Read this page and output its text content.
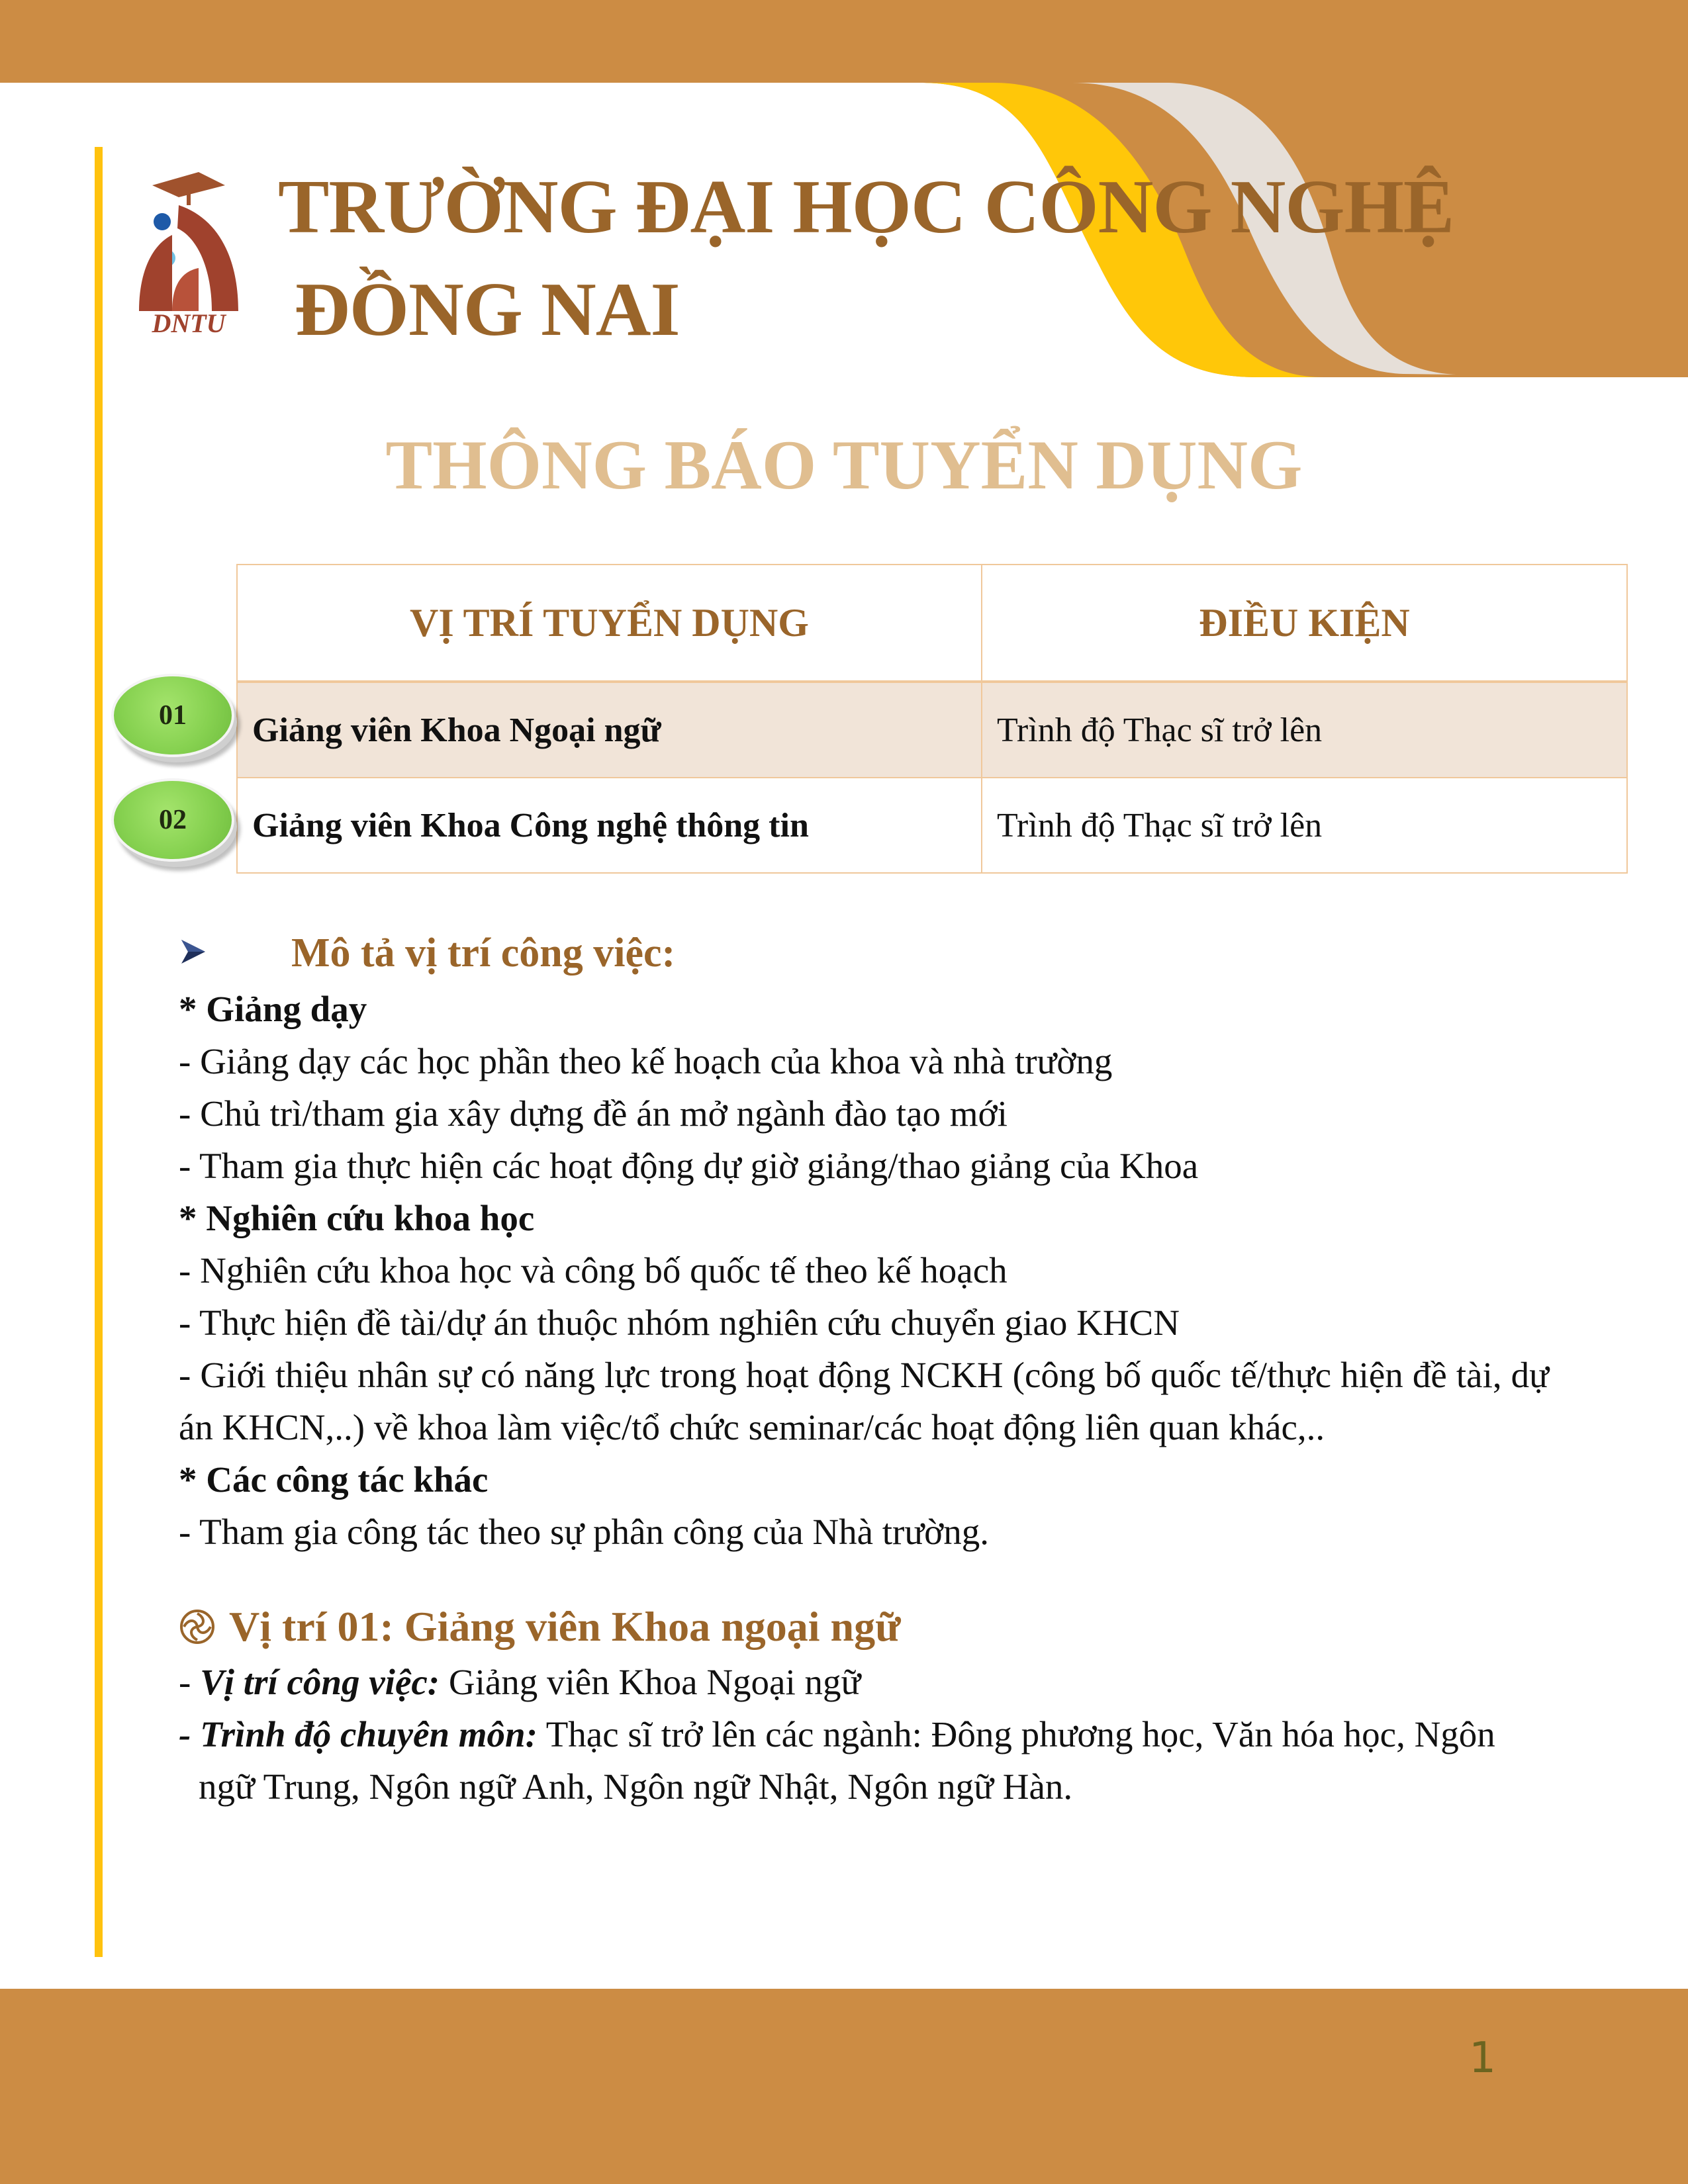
DNTU
TRƯỜNG ĐẠI HỌC CÔNG NGHỆ
ĐỒNG NAI
THÔNG BÁO TUYỂN DỤNG
VỊ TRÍ TUYỂN DỤNG	ĐIỀU KIỆN
Giảng viên Khoa Ngoại ngữ	Trình độ Thạc sĩ trở lên
Giảng viên Khoa Công nghệ thông tin	Trình độ Thạc sĩ trở lên
01
02
Mô tả vị trí công việc:

* Giảng dạy

- Giảng dạy các học phần theo kế hoạch của khoa và nhà trường

- Chủ trì/tham gia xây dựng đề án mở ngành đào tạo mới

- Tham gia thực hiện các hoạt động dự giờ giảng/thao giảng của Khoa

* Nghiên cứu khoa học

- Nghiên cứu khoa học và công bố quốc tế theo kế hoạch

- Thực hiện đề tài/dự án thuộc nhóm nghiên cứu chuyển giao KHCN

- Giới thiệu nhân sự có năng lực trong hoạt động NCKH (công bố quốc tế/thực hiện đề tài, dự án KHCN,..) về khoa làm việc/tổ chức seminar/các hoạt động liên quan khác,..

* Các công tác khác

- Tham gia công tác theo sự phân công của Nhà trường.

Vị trí 01: Giảng viên Khoa ngoại ngữ

- Vị trí công việc: Giảng viên Khoa Ngoại ngữ

- Trình độ chuyên môn: Thạc sĩ trở lên các ngành: Đông phương học, Văn hóa học, Ngôn ngữ Trung, Ngôn ngữ Anh, Ngôn ngữ Nhật, Ngôn ngữ Hàn.

1
